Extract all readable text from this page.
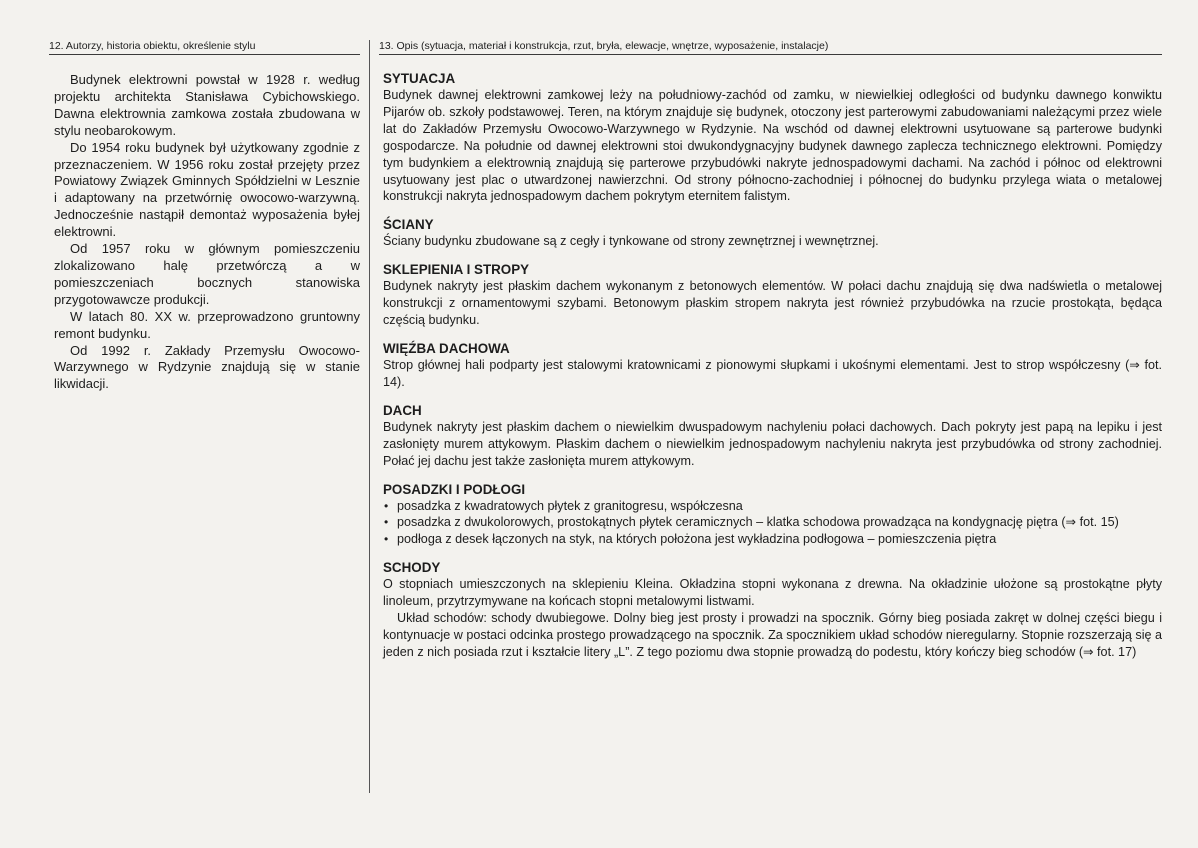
12. Autorzy, historia obiektu, określenie stylu

Budynek elektrowni powstał w 1928 r. według projektu architekta Stanisława Cybichowskiego. Dawna elektrownia zamkowa została zbudowana w stylu neobarokowym.

Do 1954 roku budynek był użytkowany zgodnie z przeznaczeniem. W 1956 roku został przejęty przez Powiatowy Związek Gminnych Spółdzielni w Lesznie i adaptowany na przetwórnię owocowo-warzywną. Jednocześnie nastąpił demontaż wyposażenia byłej elektrowni.

Od 1957 roku w głównym pomieszczeniu zlokalizowano halę przetwórczą a w pomieszczeniach bocznych stanowiska przygotowawcze produkcji.

W latach 80. XX w. przeprowadzono gruntowny remont budynku.

Od 1992 r. Zakłady Przemysłu Owocowo-Warzywnego w Rydzynie znajdują się w stanie likwidacji.

13. Opis (sytuacja, materiał i konstrukcja, rzut, bryła, elewacje, wnętrze, wyposażenie, instalacje)

SYTUACJA

Budynek dawnej elektrowni zamkowej leży na południowy-zachód od zamku, w niewielkiej odległości od budynku dawnego konwiktu Pijarów ob. szkoły podstawowej. Teren, na którym znajduje się budynek, otoczony jest parterowymi zabudowaniami należącymi przez wiele lat do Zakładów Przemysłu Owocowo-Warzywnego w Rydzynie. Na wschód od dawnej elektrowni usytuowane są parterowe budynki gospodarcze. Na południe od dawnej elektrowni stoi dwukondygnacyjny budynek dawnego zaplecza technicznego elektrowni. Pomiędzy tym budynkiem a elektrownią znajdują się parterowe przybudówki nakryte jednospadowymi dachami. Na zachód i północ od elektrowni usytuowany jest plac o utwardzonej nawierzchni. Od strony północno-zachodniej i północnej do budynku przylega wiata o metalowej konstrukcji nakryta jednospadowym dachem pokrytym eternitem falistym.

ŚCIANY

Ściany budynku zbudowane są z cegły i tynkowane od strony zewnętrznej i wewnętrznej.

SKLEPIENIA I STROPY

Budynek nakryty jest płaskim dachem wykonanym z betonowych elementów. W połaci dachu znajdują się dwa nadświetla o metalowej konstrukcji z ornamentowymi szybami. Betonowym płaskim stropem nakryta jest również przybudówka na rzucie prostokąta, będąca częścią budynku.

WIĘŹBA DACHOWA

Strop głównej hali podparty jest stalowymi kratownicami z pionowymi słupkami i ukośnymi elementami. Jest to strop współczesny (⇒ fot. 14).

DACH

Budynek nakryty jest płaskim dachem o niewielkim dwuspadowym nachyleniu połaci dachowych. Dach pokryty jest papą na lepiku i jest zasłonięty murem attykowym. Płaskim dachem o niewielkim jednospadowym nachyleniu nakryta jest przybudówka od strony zachodniej. Połać jej dachu jest także zasłonięta murem attykowym.

POSADZKI I PODŁOGI

• posadzka z kwadratowych płytek z granitogresu, współczesna
• posadzka z dwukolorowych, prostokątnych płytek ceramicznych – klatka schodowa prowadząca na kondygnację piętra (⇒ fot. 15)
• podłoga z desek łączonych na styk, na których położona jest wykładzina podłogowa – pomieszczenia piętra

SCHODY

O stopniach umieszczonych na sklepieniu Kleina. Okładzina stopni wykonana z drewna. Na okładzinie ułożone są prostokątne płyty linoleum, przytrzymywane na końcach stopni metalowymi listwami.

Układ schodów: schody dwubiegowe. Dolny bieg jest prosty i prowadzi na spocznik. Górny bieg posiada zakręt w dolnej części biegu i kontynuacje w postaci odcinka prostego prowadzącego na spocznik. Za spocznikiem układ schodów nieregularny. Stopnie rozszerzają się a jeden z nich posiada rzut i kształcie litery „L”. Z tego poziomu dwa stopnie prowadzą do podestu, który kończy bieg schodów (⇒ fot. 17)
